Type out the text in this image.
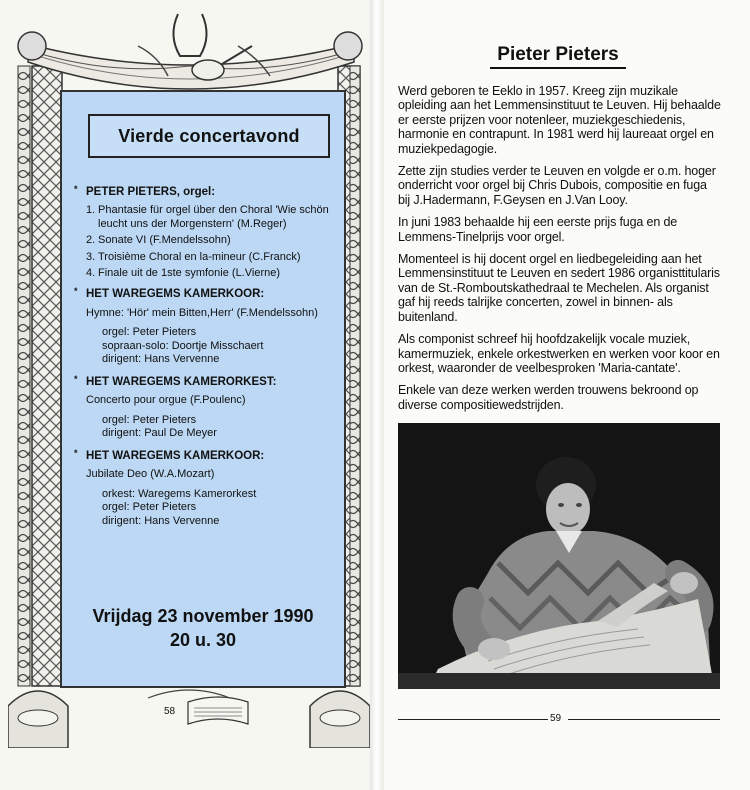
Vierde concertavond
* PETER PIETERS, orgel:
1. Phantasie für orgel über den Choral 'Wie schön leucht uns der Morgenstern' (M.Reger)
2. Sonate VI (F.Mendelssohn)
3. Troisième Choral en la-mineur (C.Franck)
4. Finale uit de 1ste symfonie (L.Vierne)
* HET WAREGEMS KAMERKOOR:
Hymne: 'Hör' mein Bitten,Herr' (F.Mendelssohn)
orgel: Peter Pieters
sopraan-solo: Doortje Misschaert
dirigent: Hans Vervenne
* HET WAREGEMS KAMERORKEST:
Concerto pour orgue (F.Poulenc)
orgel: Peter Pieters
dirigent: Paul De Meyer
* HET WAREGEMS KAMERKOOR:
Jubilate Deo (W.A.Mozart)
orkest: Waregems Kamerorkest
orgel: Peter Pieters
dirigent: Hans Vervenne
Vrijdag 23 november 1990
20 u. 30
58
Pieter Pieters

Werd geboren te Eeklo in 1957. Kreeg zijn muzikale opleiding aan het Lemmensinstituut te Leuven. Hij behaalde er eerste prijzen voor notenleer, muziekgeschiedenis, harmonie en contrapunt. In 1981 werd hij laureaat orgel en muziekpedagogie.

Zette zijn studies verder te Leuven en volgde er o.m. hoger onderricht voor orgel bij Chris Dubois, compositie en fuga bij J.Hadermann, F.Geysen en J.Van Looy.

In juni 1983 behaalde hij een eerste prijs fuga en de Lemmens-Tinelprijs voor orgel.

Momenteel is hij docent orgel en liedbegeleiding aan het Lemmensinstituut te Leuven en sedert 1986 organisttitularis van de St.-Romboutskathedraal te Mechelen. Als organist gaf hij reeds talrijke concerten, zowel in binnen- als buitenland.

Als componist schreef hij hoofdzakelijk vocale muziek, kamermuziek, enkele orkestwerken en werken voor koor en orkest, waaronder de veelbesproken 'Maria-cantate'.

Enkele van deze werken werden trouwens bekroond op diverse compositiewedstrijden.

59
